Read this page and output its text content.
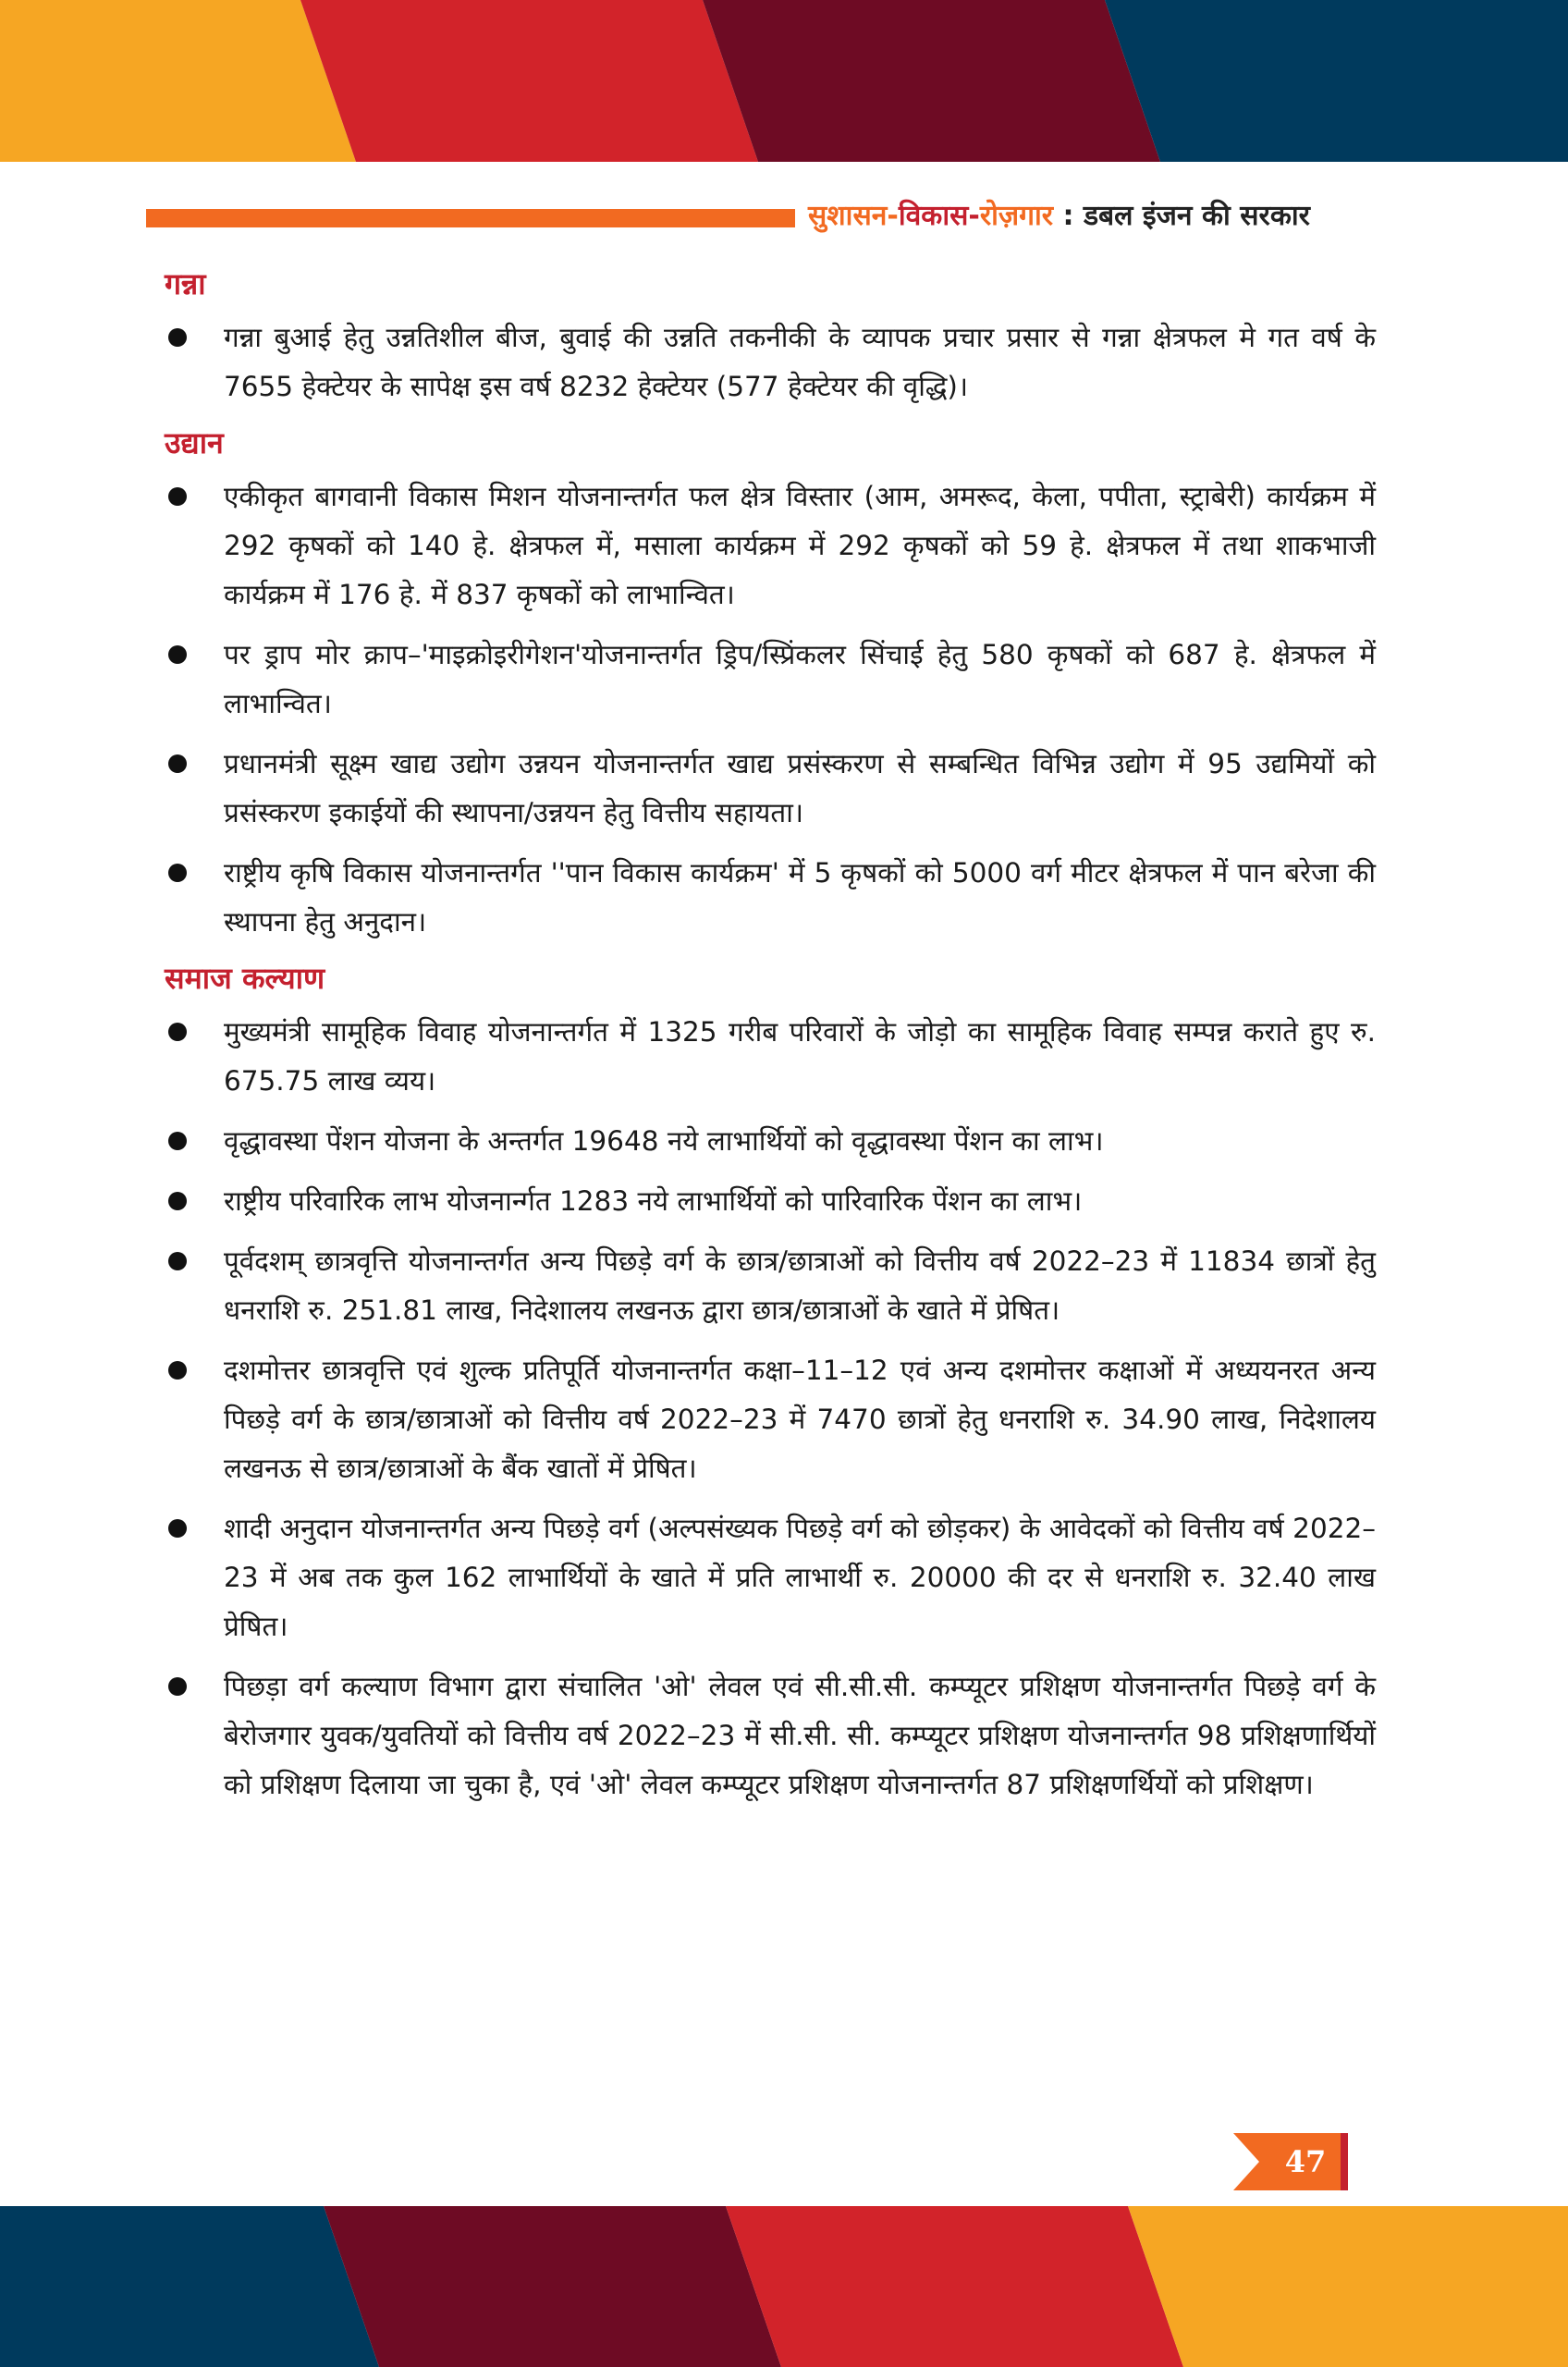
सुशासन-विकास-रोज़गार : डबल इंजन की सरकार
गन्ना
गन्ना बुआई हेतु उन्नतिशील बीज, बुवाई की उन्नति तकनीकी के व्यापक प्रचार प्रसार से गन्ना क्षेत्रफल मे गत वर्ष के 7655 हेक्टेयर के सापेक्ष इस वर्ष 8232 हेक्टेयर (577 हेक्टेयर की वृद्धि)।
उद्यान
एकीकृत बागवानी विकास मिशन योजनान्तर्गत फल क्षेत्र विस्तार (आम, अमरूद, केला, पपीता, स्ट्राबेरी) कार्यक्रम में 292 कृषकों को 140 हे. क्षेत्रफल में, मसाला कार्यक्रम में 292 कृषकों को 59 हे. क्षेत्रफल में तथा शाकभाजी कार्यक्रम में 176 हे. में 837 कृषकों को लाभान्वित।
पर ड्राप मोर क्राप–'माइक्रोइरीगेशन'योजनान्तर्गत ड्रिप/स्प्रिंकलर सिंचाई हेतु 580 कृषकों को 687 हे. क्षेत्रफल में लाभान्वित।
प्रधानमंत्री सूक्ष्म खाद्य उद्योग उन्नयन योजनान्तर्गत खाद्य प्रसंस्करण से सम्बन्धित विभिन्न उद्योग में 95 उद्यमियों को प्रसंस्करण इकाईयों की स्थापना/उन्नयन हेतु वित्तीय सहायता।
राष्ट्रीय कृषि विकास योजनान्तर्गत ''पान विकास कार्यक्रम' में 5 कृषकों को 5000 वर्ग मीटर क्षेत्रफल में पान बरेजा की स्थापना हेतु अनुदान।
समाज कल्याण
मुख्यमंत्री सामूहिक विवाह योजनान्तर्गत में 1325 गरीब परिवारों के जोड़ो का सामूहिक विवाह सम्पन्न कराते हुए रु. 675.75 लाख व्यय।
वृद्धावस्था पेंशन योजना के अन्तर्गत 19648 नये लाभार्थियों को वृद्धावस्था पेंशन का लाभ।
राष्ट्रीय परिवारिक लाभ योजनार्न्गत 1283 नये लाभार्थियों को पारिवारिक पेंशन का लाभ।
पूर्वदशम् छात्रवृत्ति योजनान्तर्गत अन्य पिछड़े वर्ग के छात्र/छात्राओं को वित्तीय वर्ष 2022–23 में 11834 छात्रों हेतु धनराशि रु. 251.81 लाख, निदेशालय लखनऊ द्वारा छात्र/छात्राओं के खाते में प्रेषित।
दशमोत्तर छात्रवृत्ति एवं शुल्क प्रतिपूर्ति योजनान्तर्गत कक्षा–11–12 एवं अन्य दशमोत्तर कक्षाओं में अध्ययनरत अन्य पिछड़े वर्ग के छात्र/छात्राओं को वित्तीय वर्ष 2022–23 में 7470 छात्रों हेतु धनराशि रु. 34.90 लाख, निदेशालय लखनऊ से छात्र/छात्राओं के बैंक खातों में प्रेषित।
शादी अनुदान योजनान्तर्गत अन्य पिछड़े वर्ग (अल्पसंख्यक पिछड़े वर्ग को छोड़कर) के आवेदकों को वित्तीय वर्ष 2022–23 में अब तक कुल 162 लाभार्थियों के खाते में प्रति लाभार्थी रु. 20000 की दर से धनराशि रु. 32.40 लाख प्रेषित।
पिछड़ा वर्ग कल्याण विभाग द्वारा संचालित 'ओ' लेवल एवं सी.सी.सी. कम्प्यूटर प्रशिक्षण योजनान्तर्गत पिछड़े वर्ग के बेरोजगार युवक/युवतियों को वित्तीय वर्ष 2022–23 में सी.सी. सी. कम्प्यूटर प्रशिक्षण योजनान्तर्गत 98 प्रशिक्षणार्थियों को प्रशिक्षण दिलाया जा चुका है, एवं 'ओ' लेवल कम्प्यूटर प्रशिक्षण योजनान्तर्गत 87 प्रशिक्षणर्थियों को प्रशिक्षण।
47
